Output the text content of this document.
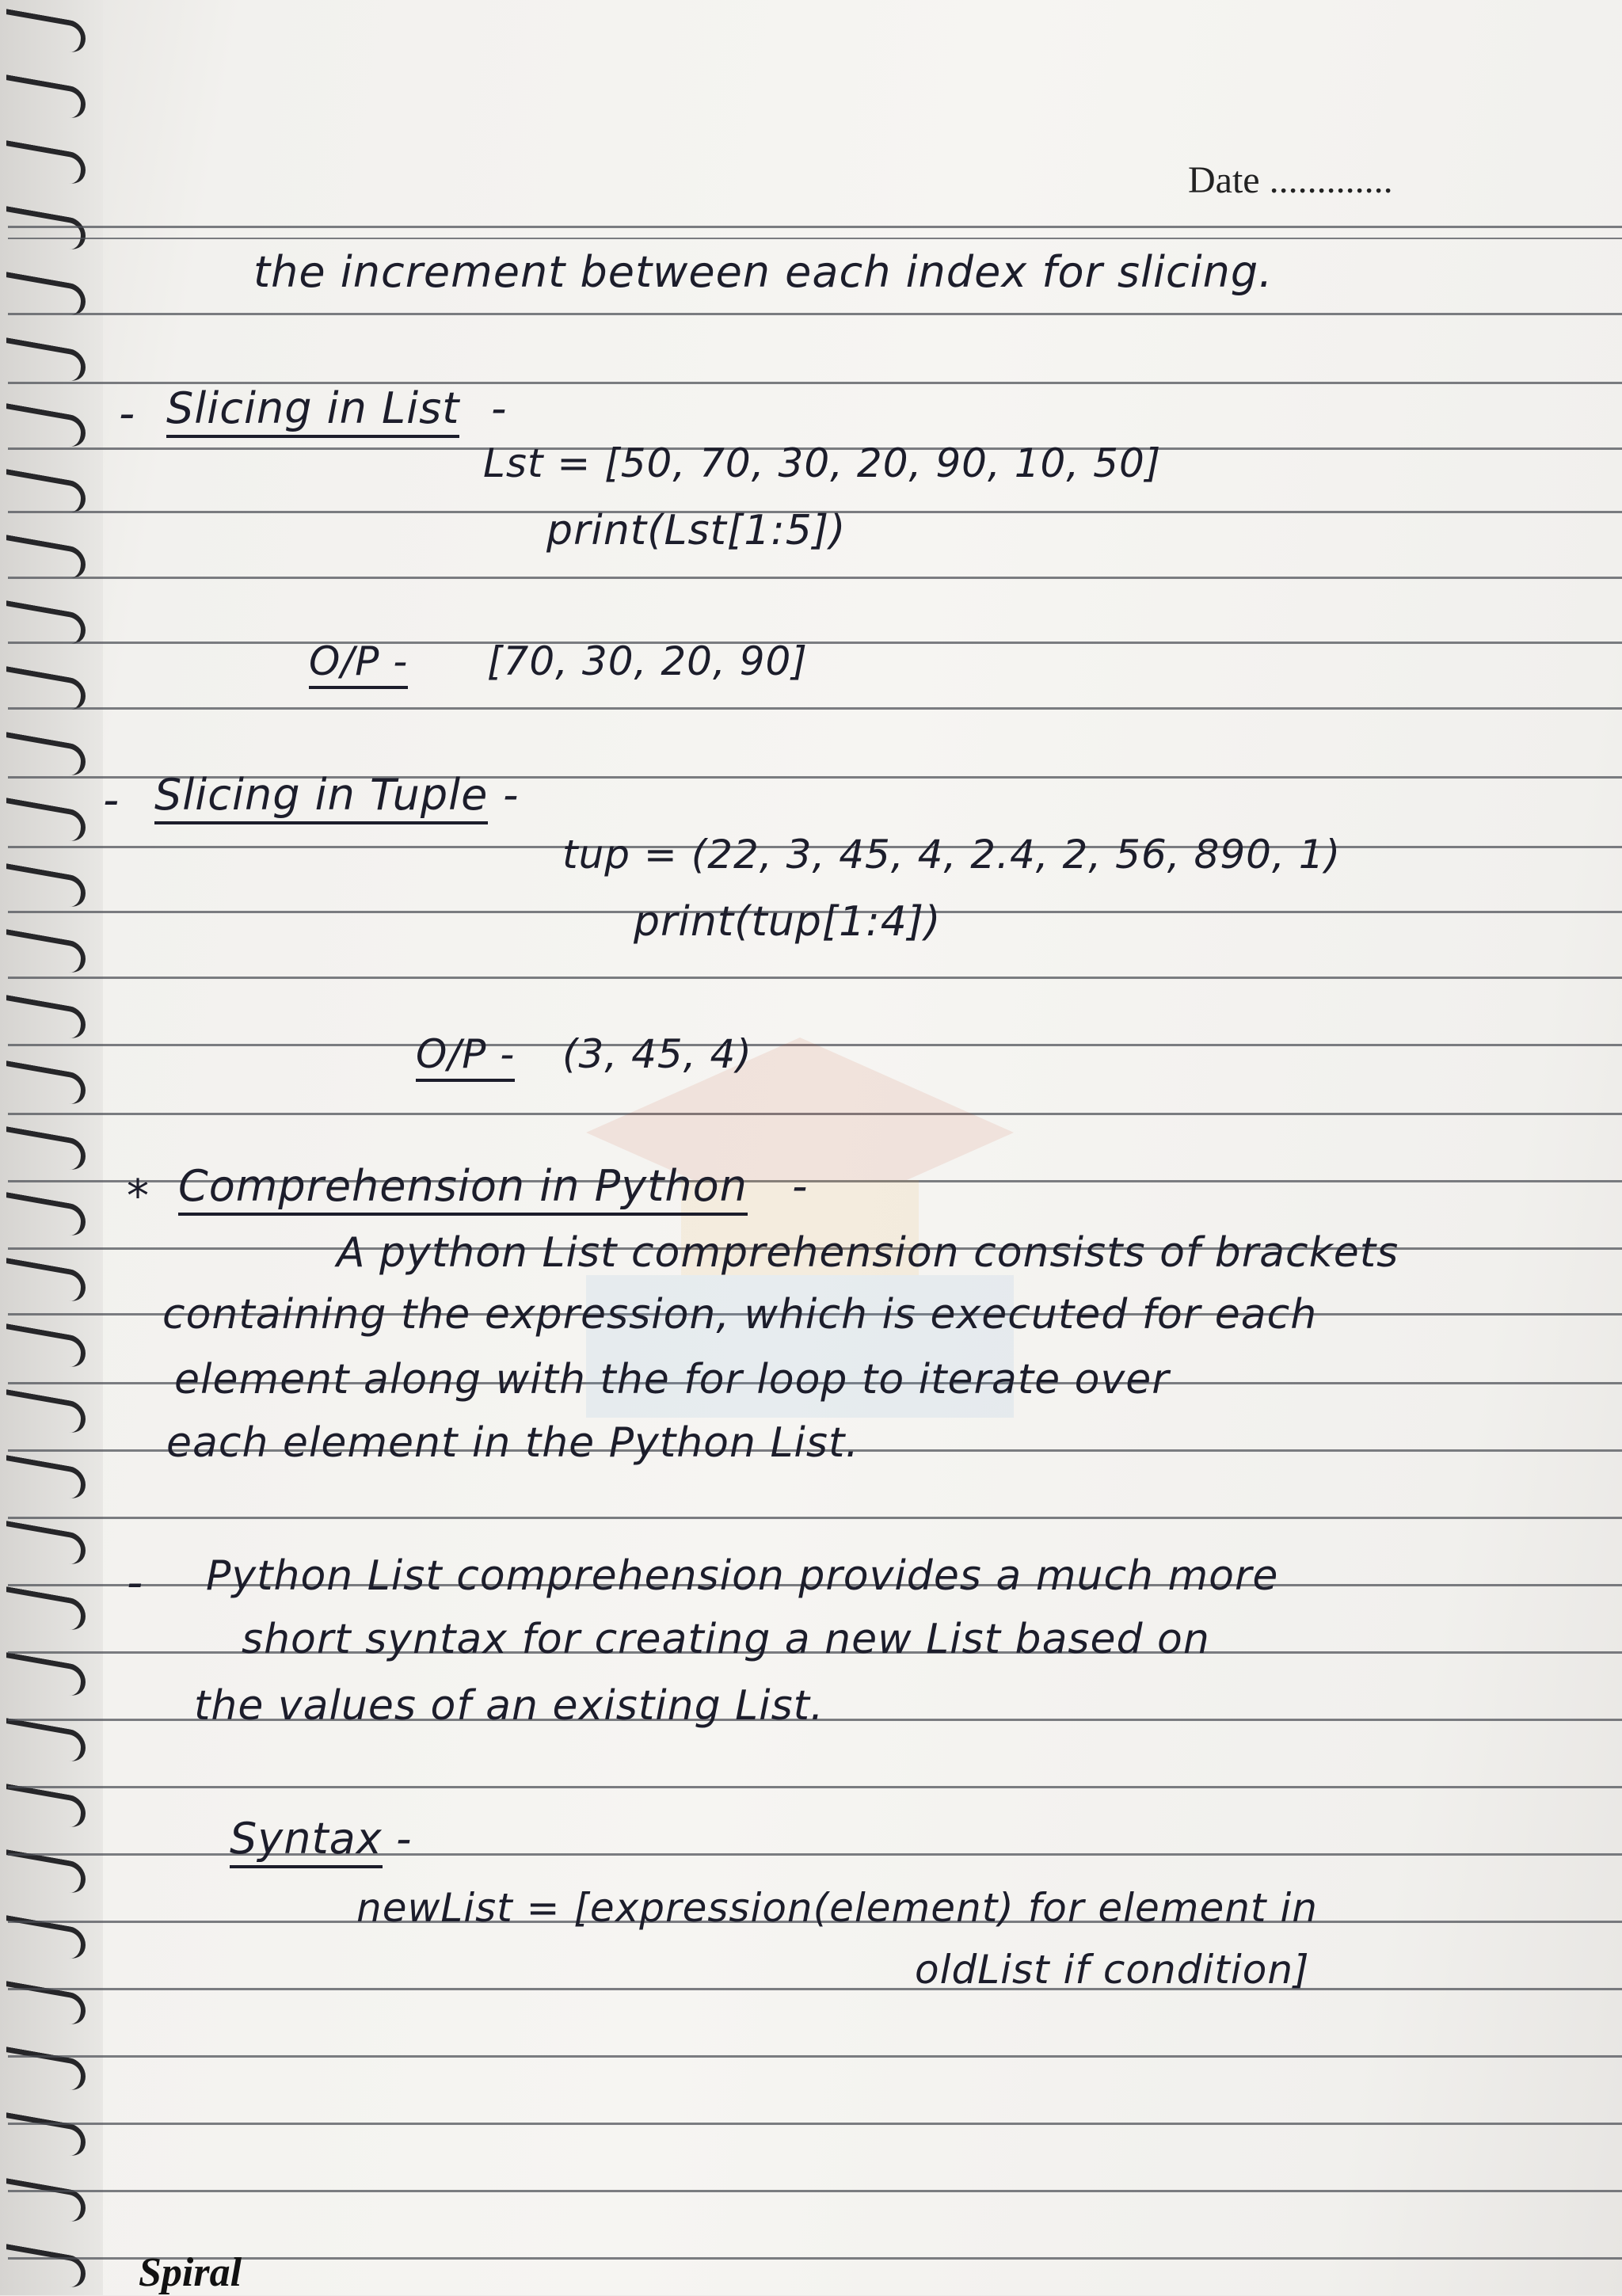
Date .............
the increment between each index for slicing.
- Slicing in List -
Lst = [50, 70, 30, 20, 90, 10, 50]
print(Lst[1:5])
O/P - [70, 30, 20, 90]
- Slicing in Tuple -
tup = (22, 3, 45, 4, 2.4, 2, 56, 890, 1)
print(tup[1:4])
O/P - (3, 45, 4)
* Comprehension in Python -
A python List comprehension consists of brackets
containing the expression, which is executed for each
element along with the for loop to iterate over
each element in the Python List.
- Python List comprehension provides a much more
short syntax for creating a new List based on
the values of an existing List.
Syntax -
newList = [expression(element) for element in
oldList if condition]
Spiral
